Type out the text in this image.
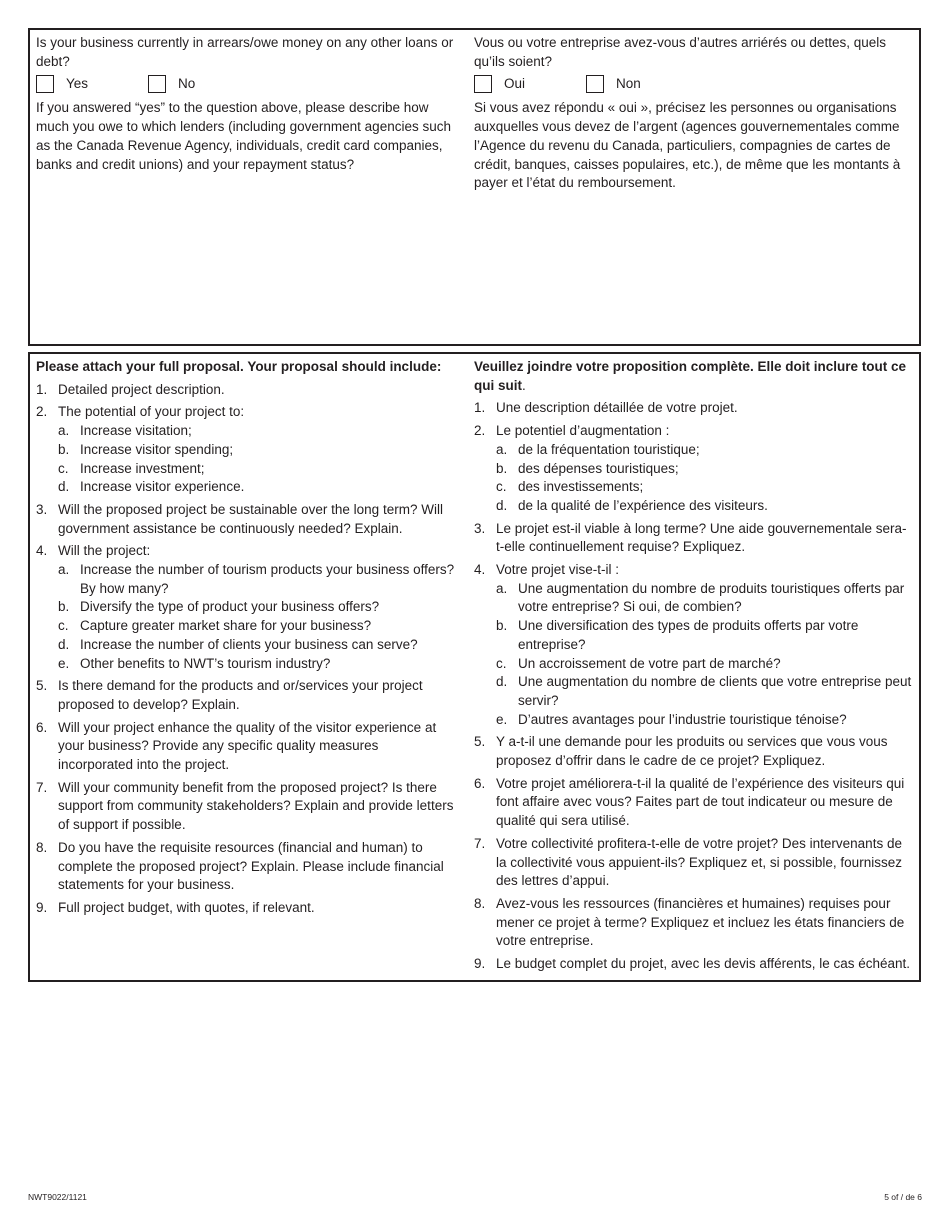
Is your business currently in arrears/owe money on any other loans or debt?

Yes	No

If you answered “yes” to the question above, please describe how much you owe to which lenders (including government agencies such as the Canada Revenue Agency, individuals, credit card companies, banks and credit unions) and your repayment status?

Vous ou votre entreprise avez-vous d’autres arriérés ou dettes, quels qu’ils soient?

Oui	Non

Si vous avez répondu « oui », précisez les personnes ou organisations auxquelles vous devez de l’argent (agences gouvernementales comme l’Agence du revenu du Canada, particuliers, compagnies de cartes de crédit, banques, caisses populaires, etc.), de même que les montants à payer et l’état du remboursement.

Please attach your full proposal. Your proposal should include:

1. Detailed project description.
2. The potential of your project to:
a. Increase visitation;
b. Increase visitor spending;
c. Increase investment;
d. Increase visitor experience.
3. Will the proposed project be sustainable over the long term? Will government assistance be continuously needed? Explain.
4. Will the project:
a. Increase the number of tourism products your business offers? By how many?
b. Diversify the type of product your business offers?
c. Capture greater market share for your business?
d. Increase the number of clients your business can serve?
e. Other benefits to NWT’s tourism industry?
5. Is there demand for the products and or/services your project proposed to develop? Explain.
6. Will your project enhance the quality of the visitor experience at your business? Provide any specific quality measures incorporated into the project.
7. Will your community benefit from the proposed project? Is there support from community stakeholders? Explain and provide letters of support if possible.
8. Do you have the requisite resources (financial and human) to complete the proposed project? Explain. Please include financial statements for your business.
9. Full project budget, with quotes, if relevant.

Veuillez joindre votre proposition complète. Elle doit inclure tout ce qui suit.

1. Une description détaillée de votre projet.
2. Le potentiel d’augmentation :
a. de la fréquentation touristique;
b. des dépenses touristiques;
c. des investissements;
d. de la qualité de l’expérience des visiteurs.
3. Le projet est-il viable à long terme? Une aide gouvernementale sera-t-elle continuellement requise? Expliquez.
4. Votre projet vise-t-il :
a. Une augmentation du nombre de produits touristiques offerts par votre entreprise? Si oui, de combien?
b. Une diversification des types de produits offerts par votre entreprise?
c. Un accroissement de votre part de marché?
d. Une augmentation du nombre de clients que votre entreprise peut servir?
e. D’autres avantages pour l’industrie touristique ténoise?
5. Y a-t-il une demande pour les produits ou services que vous vous proposez d’offrir dans le cadre de ce projet? Expliquez.
6. Votre projet améliorera-t-il la qualité de l’expérience des visiteurs qui font affaire avec vous? Faites part de tout indicateur ou mesure de qualité qui sera utilisé.
7. Votre collectivité profitera-t-elle de votre projet? Des intervenants de la collectivité vous appuient-ils? Expliquez et, si possible, fournissez des lettres d’appui.
8. Avez-vous les ressources (financières et humaines) requises pour mener ce projet à terme? Expliquez et incluez les états financiers de votre entreprise.
9. Le budget complet du projet, avec les devis afférents, le cas échéant.
NWT9022/1121	5 of / de 6
